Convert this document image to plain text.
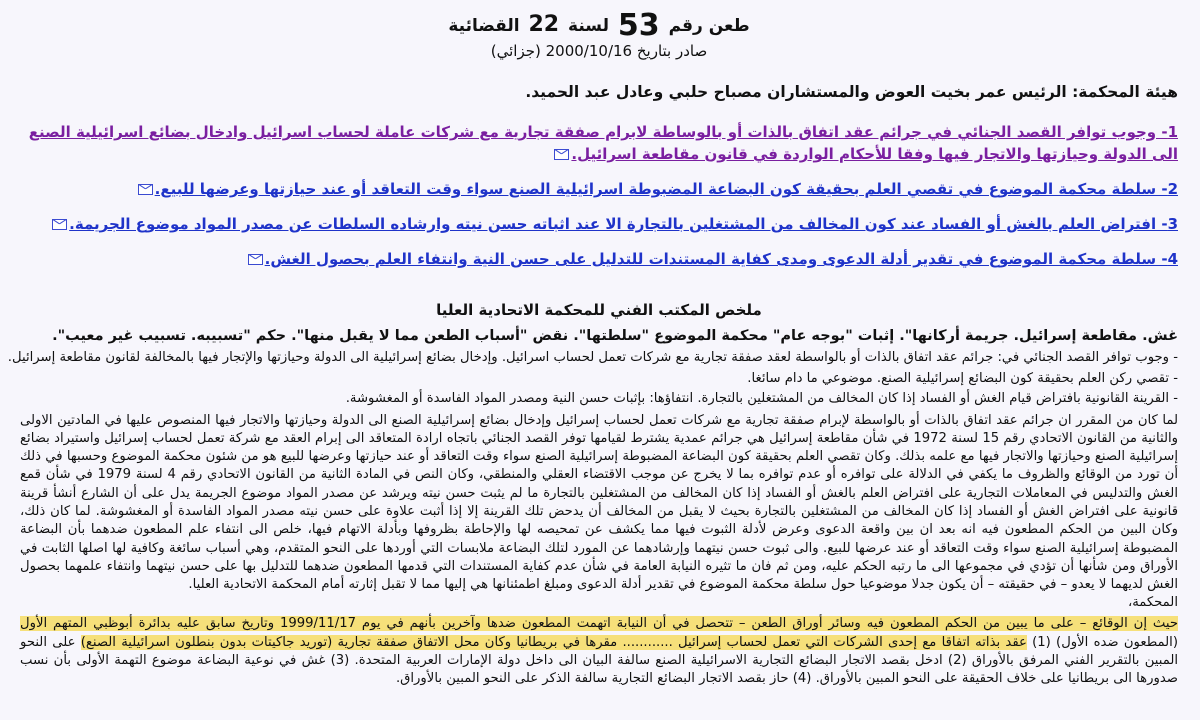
طعن رقم 53 لسنة 22 القضائية
صادر بتاريخ 2000/10/16 (جزائي)
هيئة المحكمة: الرئيس عمر بخيت العوض والمستشاران مصباح حلبي وعادل عبد الحميد.
1- وجوب توافر القصد الجنائي في جرائم عقد اتفاق بالذات أو بالوساطة لابرام صفقة تجارية مع شركات عاملة لحساب اسرائيل وادخال بضائع اسرائيلية الصنع الى الدولة وحيازتها والاتجار فيها وفقا للأحكام الواردة في قانون مقاطعة اسرائيل.
2- سلطة محكمة الموضوع في تقصي العلم بحقيقة كون البضاعة المضبوطة اسرائيلية الصنع سواء وقت التعاقد أو عند حيازتها وعرضها للبيع.
3- افتراض العلم بالغش أو الفساد عند كون المخالف من المشتغلين بالتجارة الا عند اثباته حسن نيته وارشاده السلطات عن مصدر المواد موضوع الجريمة.
4- سلطة محكمة الموضوع في تقدير أدلة الدعوى ومدى كفاية المستندات للتدليل على حسن النية وانتفاء العلم بحصول الغش.
ملخص المكتب الفني للمحكمة الاتحادية العليا
غش. مقاطعة إسرائيل. جريمة أركانها". إثبات "بوجه عام" محكمة الموضوع "سلطتها". نقض "أسباب الطعن مما لا يقبل منها". حكم "تسبيبه. تسبيب غير معيب".
- وجوب توافر القصد الجنائي في: جرائم عقد اتفاق بالذات أو بالواسطة لعقد صفقة تجارية مع شركات تعمل لحساب اسرائيل. وإدخال بضائع إسرائيلية الى الدولة وحيازتها والإتجار فيها بالمخالفة لقانون مقاطعة إسرائيل.
- تقصي ركن العلم بحقيقة كون البضائع إسرائيلية الصنع. موضوعي ما دام سائغا.
- القرينة القانونية بافتراض قيام الغش أو الفساد إذا كان المخالف من المشتغلين بالتجارة. انتفاؤها: بإثبات حسن النية ومصدر المواد الفاسدة أو المغشوشة.
لما كان من المقرر ان جرائم عقد اتفاق بالذات أو بالواسطة لإبرام صفقة تجارية مع شركات تعمل لحساب إسرائيل وإدخال بضائع إسرائيلية الصنع الى الدولة وحيازتها والاتجار فيها المنصوص عليها في المادتين الاولى والثانية من القانون الاتحادي رقم 15 لسنة 1972 في شأن مقاطعة إسرائيل هي جرائم عمدية يشترط لقيامها توفر القصد الجنائي باتجاه ارادة المتعاقد الى إبرام العقد مع شركة تعمل لحساب إسرائيل واستيراد بضائع إسرائيلية الصنع وحيازتها والاتجار فيها مع علمه بذلك. وكان تقصي العلم بحقيقة كون البضاعة المضبوطة إسرائيلية الصنع سواء وقت التعاقد أو عند حيازتها وعرضها للبيع هو من شئون محكمة الموضوع وحسبها في ذلك أن تورد من الوقائع والظروف ما يكفي في الدلالة على توافره أو عدم توافره بما لا يخرج عن موجب الاقتضاء العقلي والمنطقي، وكان النص في المادة الثانية من القانون الاتحادي رقم 4 لسنة 1979 في شأن قمع الغش والتدليس في المعاملات التجارية على افتراض العلم بالغش أو الفساد إذا كان المخالف من المشتغلين بالتجارة ما لم يثبت حسن نيته ويرشد عن مصدر المواد موضوع الجريمة يدل على أن الشارع أنشأ قرينة قانونية على افتراض الغش أو الفساد إذا كان المخالف من المشتغلين بالتجارة بحيث لا يقبل من المخالف أن يدحض تلك القرينة إلا إذا أثبت علاوة على حسن نيته مصدر المواد الفاسدة أو المغشوشة. لما كان ذلك، وكان البين من الحكم المطعون فيه انه بعد ان بين واقعة الدعوى وعرض لأدلة الثبوت فيها مما يكشف عن تمحيصه لها والإحاطة بظروفها وبأدلة الاتهام فيها، خلص الى انتفاء علم المطعون ضدهما بأن البضاعة المضبوطة إسرائيلية الصنع سواء وقت التعاقد أو عند عرضها للبيع. والى ثبوت حسن نيتهما وإرشادهما عن المورد لتلك البضاعة ملابسات التي أوردها على النحو المتقدم، وهي أسباب سائغة وكافية لها اصلها الثابت في الأوراق ومن شأنها أن تؤدي في مجموعها الى ما رتبه الحكم عليه، ومن ثم فان ما تثيره النيابة العامة في شأن عدم كفاية المستندات التي قدمها المطعون ضدهما للتدليل بها على حسن نيتهما وانتفاء علمهما بحصول الغش لديهما لا يعدو – في حقيقته – أن يكون جدلا موضوعيا حول سلطة محكمة الموضوع في تقدير أدلة الدعوى ومبلغ اطمئنانها هي إليها مما لا تقبل إثارته أمام المحكمة الاتحادية العليا.
المحكمة،
حيث إن الوقائع – على ما يبين من الحكم المطعون فيه وسائر أوراق الطعن – تتحصل في أن النيابة اتهمت المطعون ضدها وآخرين بأنهم في يوم 1999/11/17 وتاريخ سابق عليه بدائرة أبوظبي المتهم الأول (المطعون ضده الأول) (1) عقد بذاته اتفاقا مع إحدى الشركات التي تعمل لحساب إسرائيل ............ مقرها في بريطانيا وكان محل الاتفاق صفقة تجارية (توريد جاكيتات بدون بنطلون اسرائيلية الصنع) على النحو المبين بالتقرير الفني المرفق بالأوراق (2) ادخل بقصد الاتجار البضائع التجارية الاسرائيلية الصنع سالفة البيان الى داخل دولة الإمارات العربية المتحدة. (3) غش في نوعية البضاعة موضوع التهمة الأولى بأن نسب صدورها الى بريطانيا على خلاف الحقيقة على النحو المبين بالأوراق. (4) حاز بقصد الاتجار البضائع التجارية سالفة الذكر على النحو المبين بالأوراق.
